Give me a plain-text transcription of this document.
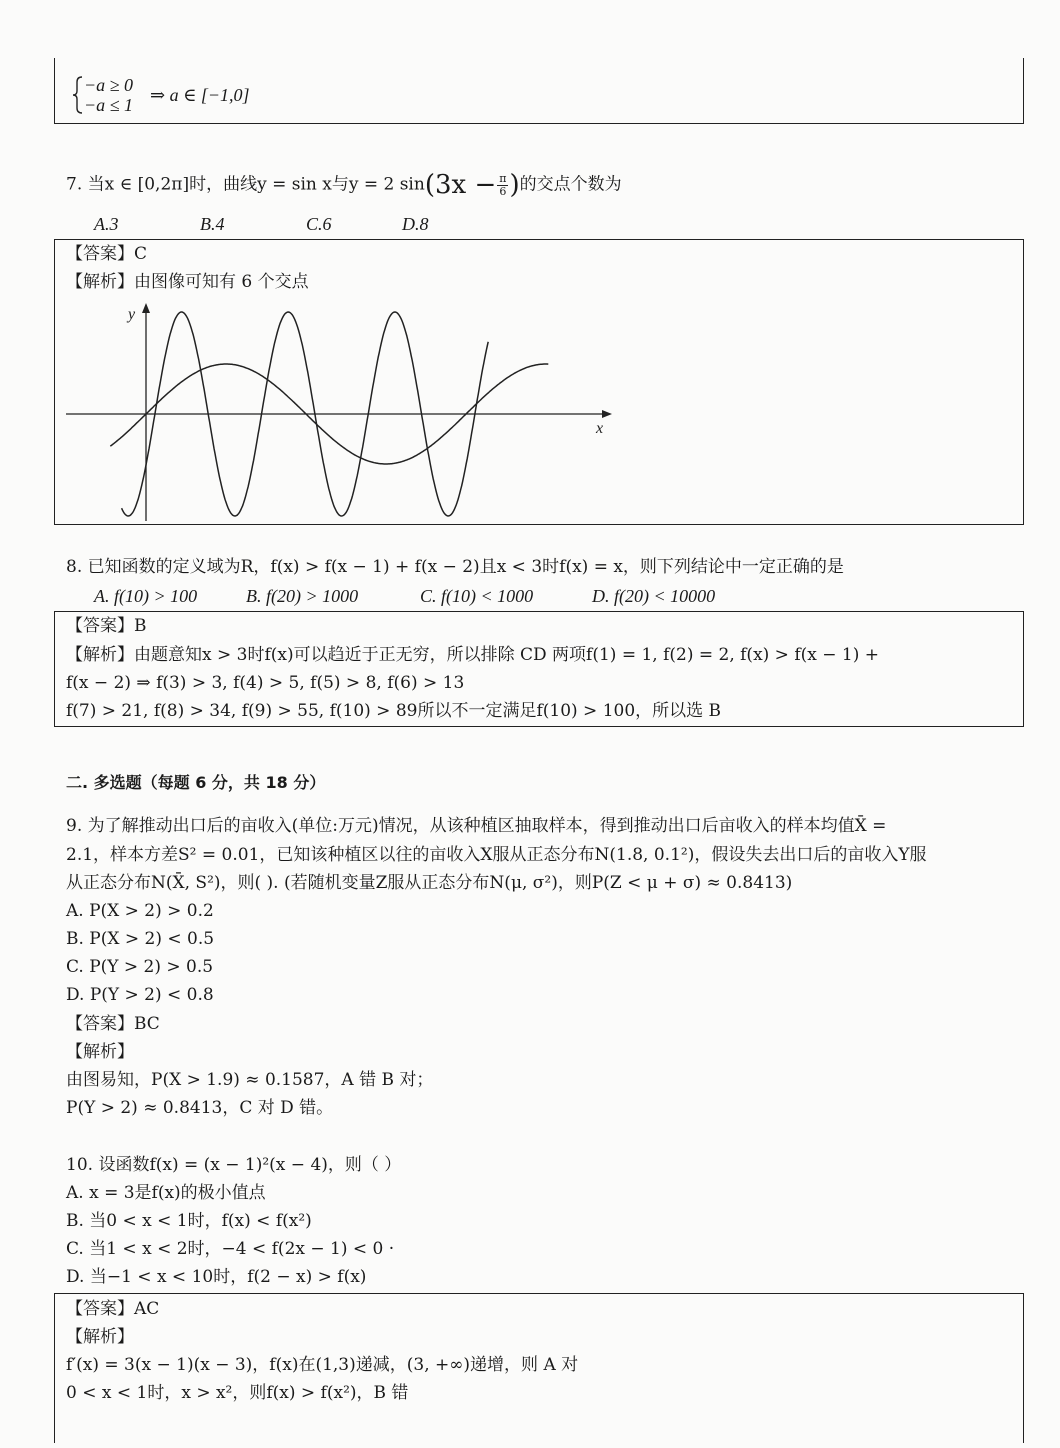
−a ≥ 0
−a ≤ 1 ⇒ a ∈ [−1,0]
7. 当x ∈ [0,2π]时，曲线y = sin x与y = 2 $\sin(3x - \frac{\pi}{6}$ )的交点个数为
A.3	B.4	C.6	D.8
【答案】C
【解析】由图像可知有 6 个交点
y
x
8. 已知函数的定义域为R，f(x) > f(x − 1) + f(x − 2)且x < 3时f(x) = x，则下列结论中一定正确的是
A. f(10) > 100	B. f(20) > 1000	C. f(10) < 1000	D. f(20) < 10000
【答案】B
【解析】由题意知x > 3时f(x)可以趋近于正无穷，所以排除 CD 两项f(1) = 1, f(2) = 2, f(x) > f(x − 1) +
f(x − 2) ⇒ f(3) > 3, f(4) > 5, f(5) > 8, f(6) > 13
f(7) > 21, f(8) > 34, f(9) > 55, f(10) > 89所以不一定满足f(10) > 100，所以选 B
二. 多选题（每题 6 分，共 18 分）
9. 为了解推动出口后的亩收入(单位:万元)情况，从该种植区抽取样本，得到推动出口后亩收入的样本均值X̄ =
2.1，样本方差S² = 0.01，已知该种植区以往的亩收入X服从正态分布N(1.8, 0.1²)，假设失去出口后的亩收入Y服
从正态分布N(X̄, S²)，则( ). (若随机变量Z服从正态分布N(μ, σ²)，则P(Z < μ + σ) ≈ 0.8413)
A. P(X > 2) > 0.2
B. P(X > 2) < 0.5
C. P(Y > 2) > 0.5
D. P(Y > 2) < 0.8
【答案】BC
【解析】
由图易知，P(X > 1.9) ≈ 0.1587，A 错 B 对；
P(Y > 2) ≈ 0.8413，C 对 D 错。
10. 设函数f(x) = (x − 1)²(x − 4)，则（ ）
A. x = 3是f(x)的极小值点
B. 当0 < x < 1时，f(x) < f(x²)
C. 当1 < x < 2时，−4 < f(2x − 1) < 0 ·
D. 当−1 < x < 10时，f(2 − x) > f(x)
【答案】AC
【解析】
f′(x) = 3(x − 1)(x − 3)，f(x)在(1,3)递减，(3, +∞)递增，则 A 对
0 < x < 1时，x > x²，则f(x) > f(x²)，B 错
